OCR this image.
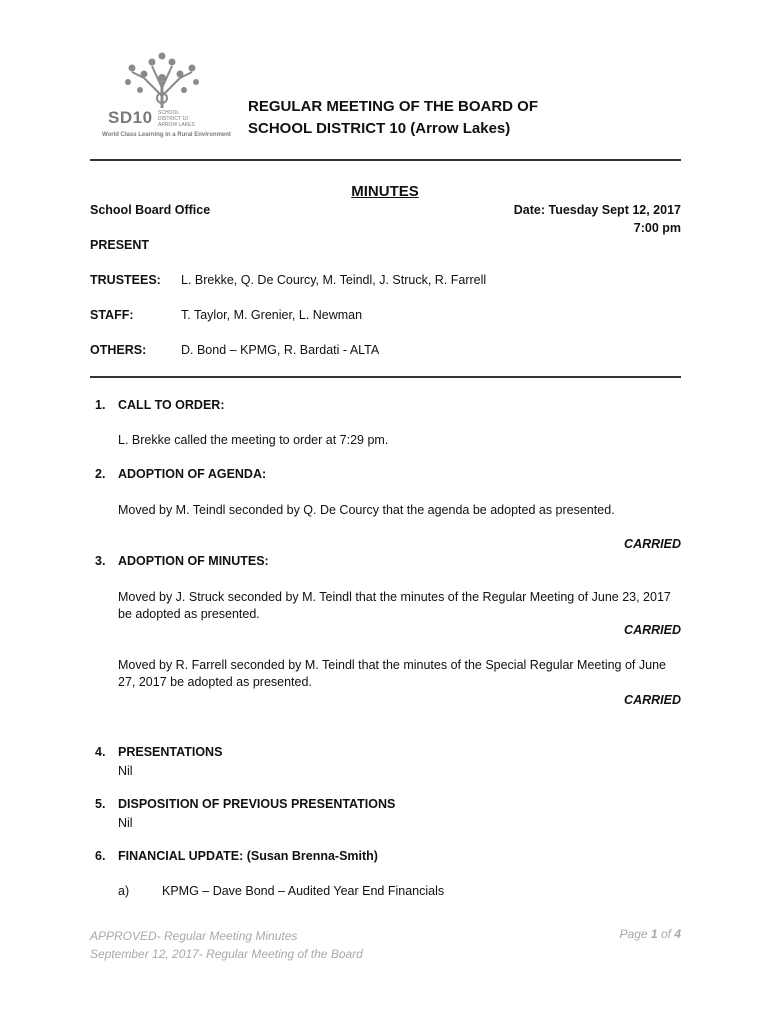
SD10 SCHOOL
DISTRICT 10
ARROW LAKES
World Class Learning in a Rural Environment
REGULAR MEETING OF THE BOARD OF
SCHOOL DISTRICT 10 (Arrow Lakes)
MINUTES
School Board Office	Date: Tuesday Sept 12, 2017
7:00 pm
PRESENT
TRUSTEES: L. Brekke, Q. De Courcy, M. Teindl, J. Struck, R. Farrell
STAFF:	T. Taylor, M. Grenier, L. Newman
OTHERS:	D. Bond – KPMG, R. Bardati - ALTA
1. CALL TO ORDER:
L. Brekke called the meeting to order at 7:29 pm.
2. ADOPTION OF AGENDA:
Moved by M. Teindl seconded by Q. De Courcy that the agenda be adopted as presented.
CARRIED
3. ADOPTION OF MINUTES:
Moved by J. Struck seconded by M. Teindl that the minutes of the Regular Meeting of June 23, 2017 be adopted as presented.
CARRIED
Moved by R. Farrell seconded by M. Teindl that the minutes of the Special Regular Meeting of June 27, 2017 be adopted as presented.
CARRIED
4. PRESENTATIONS
Nil
5. DISPOSITION OF PREVIOUS PRESENTATIONS
Nil
6. FINANCIAL UPDATE: (Susan Brenna-Smith)
a)	KPMG – Dave Bond – Audited Year End Financials
APPROVED- Regular Meeting Minutes
September 12, 2017- Regular Meeting of the Board
Page 1 of 4
